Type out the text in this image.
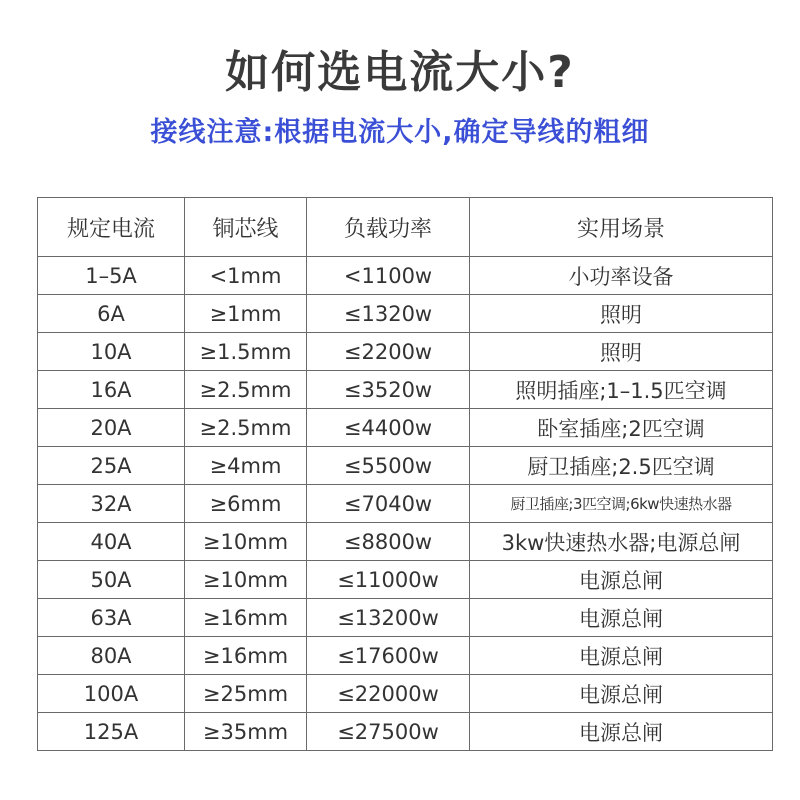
如何选电流大小?
接线注意:根据电流大小,确定导线的粗细
规定电流	铜芯线	负载功率	实用场景
1–5A	<1mm	<1100w	小功率设备
6A	≥1mm	≤1320w	照明
10A	≥1.5mm	≤2200w	照明
16A	≥2.5mm	≤3520w	照明插座;1–1.5匹空调
20A	≥2.5mm	≤4400w	卧室插座;2匹空调
25A	≥4mm	≤5500w	厨卫插座;2.5匹空调
32A	≥6mm	≤7040w	厨卫插座;3匹空调;6kw快速热水器
40A	≥10mm	≤8800w	3kw快速热水器;电源总闸
50A	≥10mm	≤11000w	电源总闸
63A	≥16mm	≤13200w	电源总闸
80A	≥16mm	≤17600w	电源总闸
100A	≥25mm	≤22000w	电源总闸
125A	≥35mm	≤27500w	电源总闸
